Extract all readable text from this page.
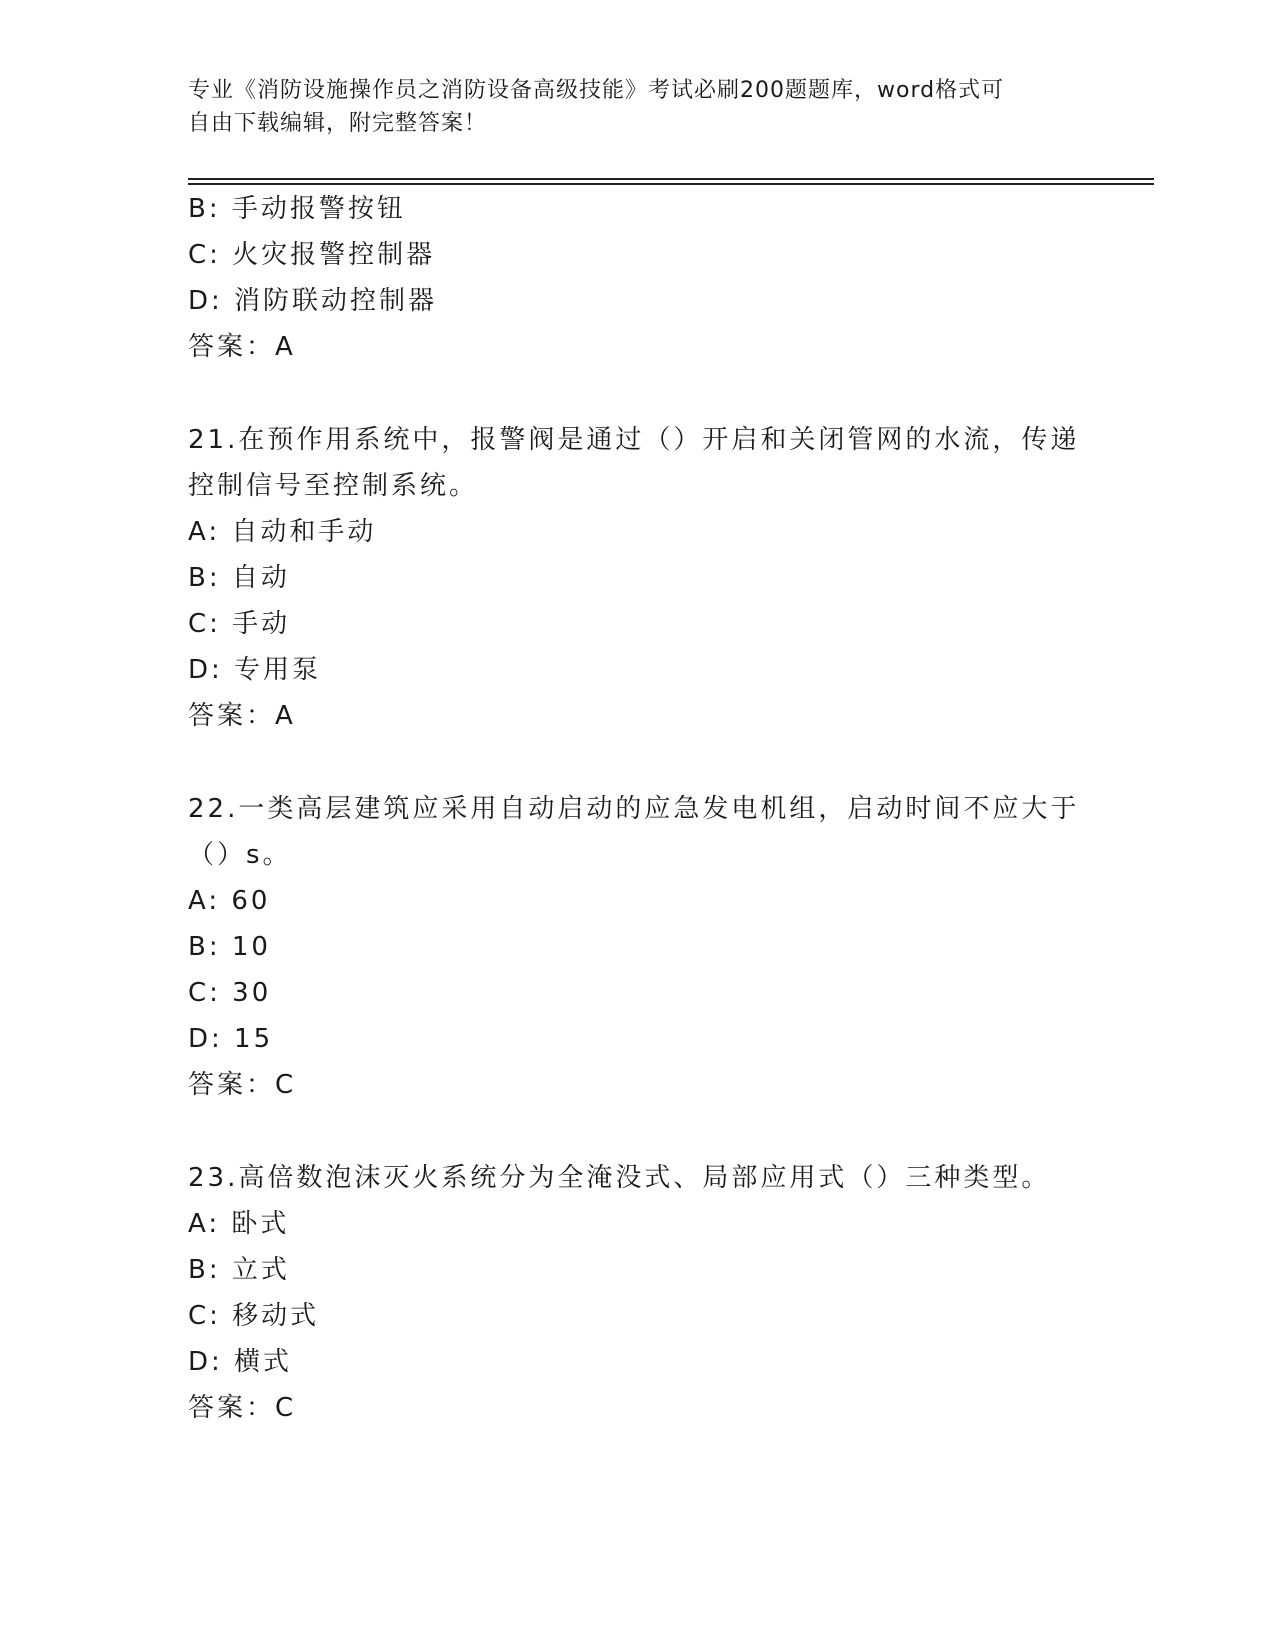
专业《消防设施操作员之消防设备高级技能》考试必刷200题题库，word格式可
自由下载编辑，附完整答案！
B: 手动报警按钮
C: 火灾报警控制器
D: 消防联动控制器
答案：A
21.在预作用系统中，报警阀是通过（）开启和关闭管网的水流，传递
控制信号至控制系统。
A: 自动和手动
B: 自动
C: 手动
D: 专用泵
答案：A
22.一类高层建筑应采用自动启动的应急发电机组，启动时间不应大于
（）s。
A: 60
B: 10
C: 30
D: 15
答案：C
23.高倍数泡沫灭火系统分为全淹没式、局部应用式（）三种类型。
A: 卧式
B: 立式
C: 移动式
D: 横式
答案：C
